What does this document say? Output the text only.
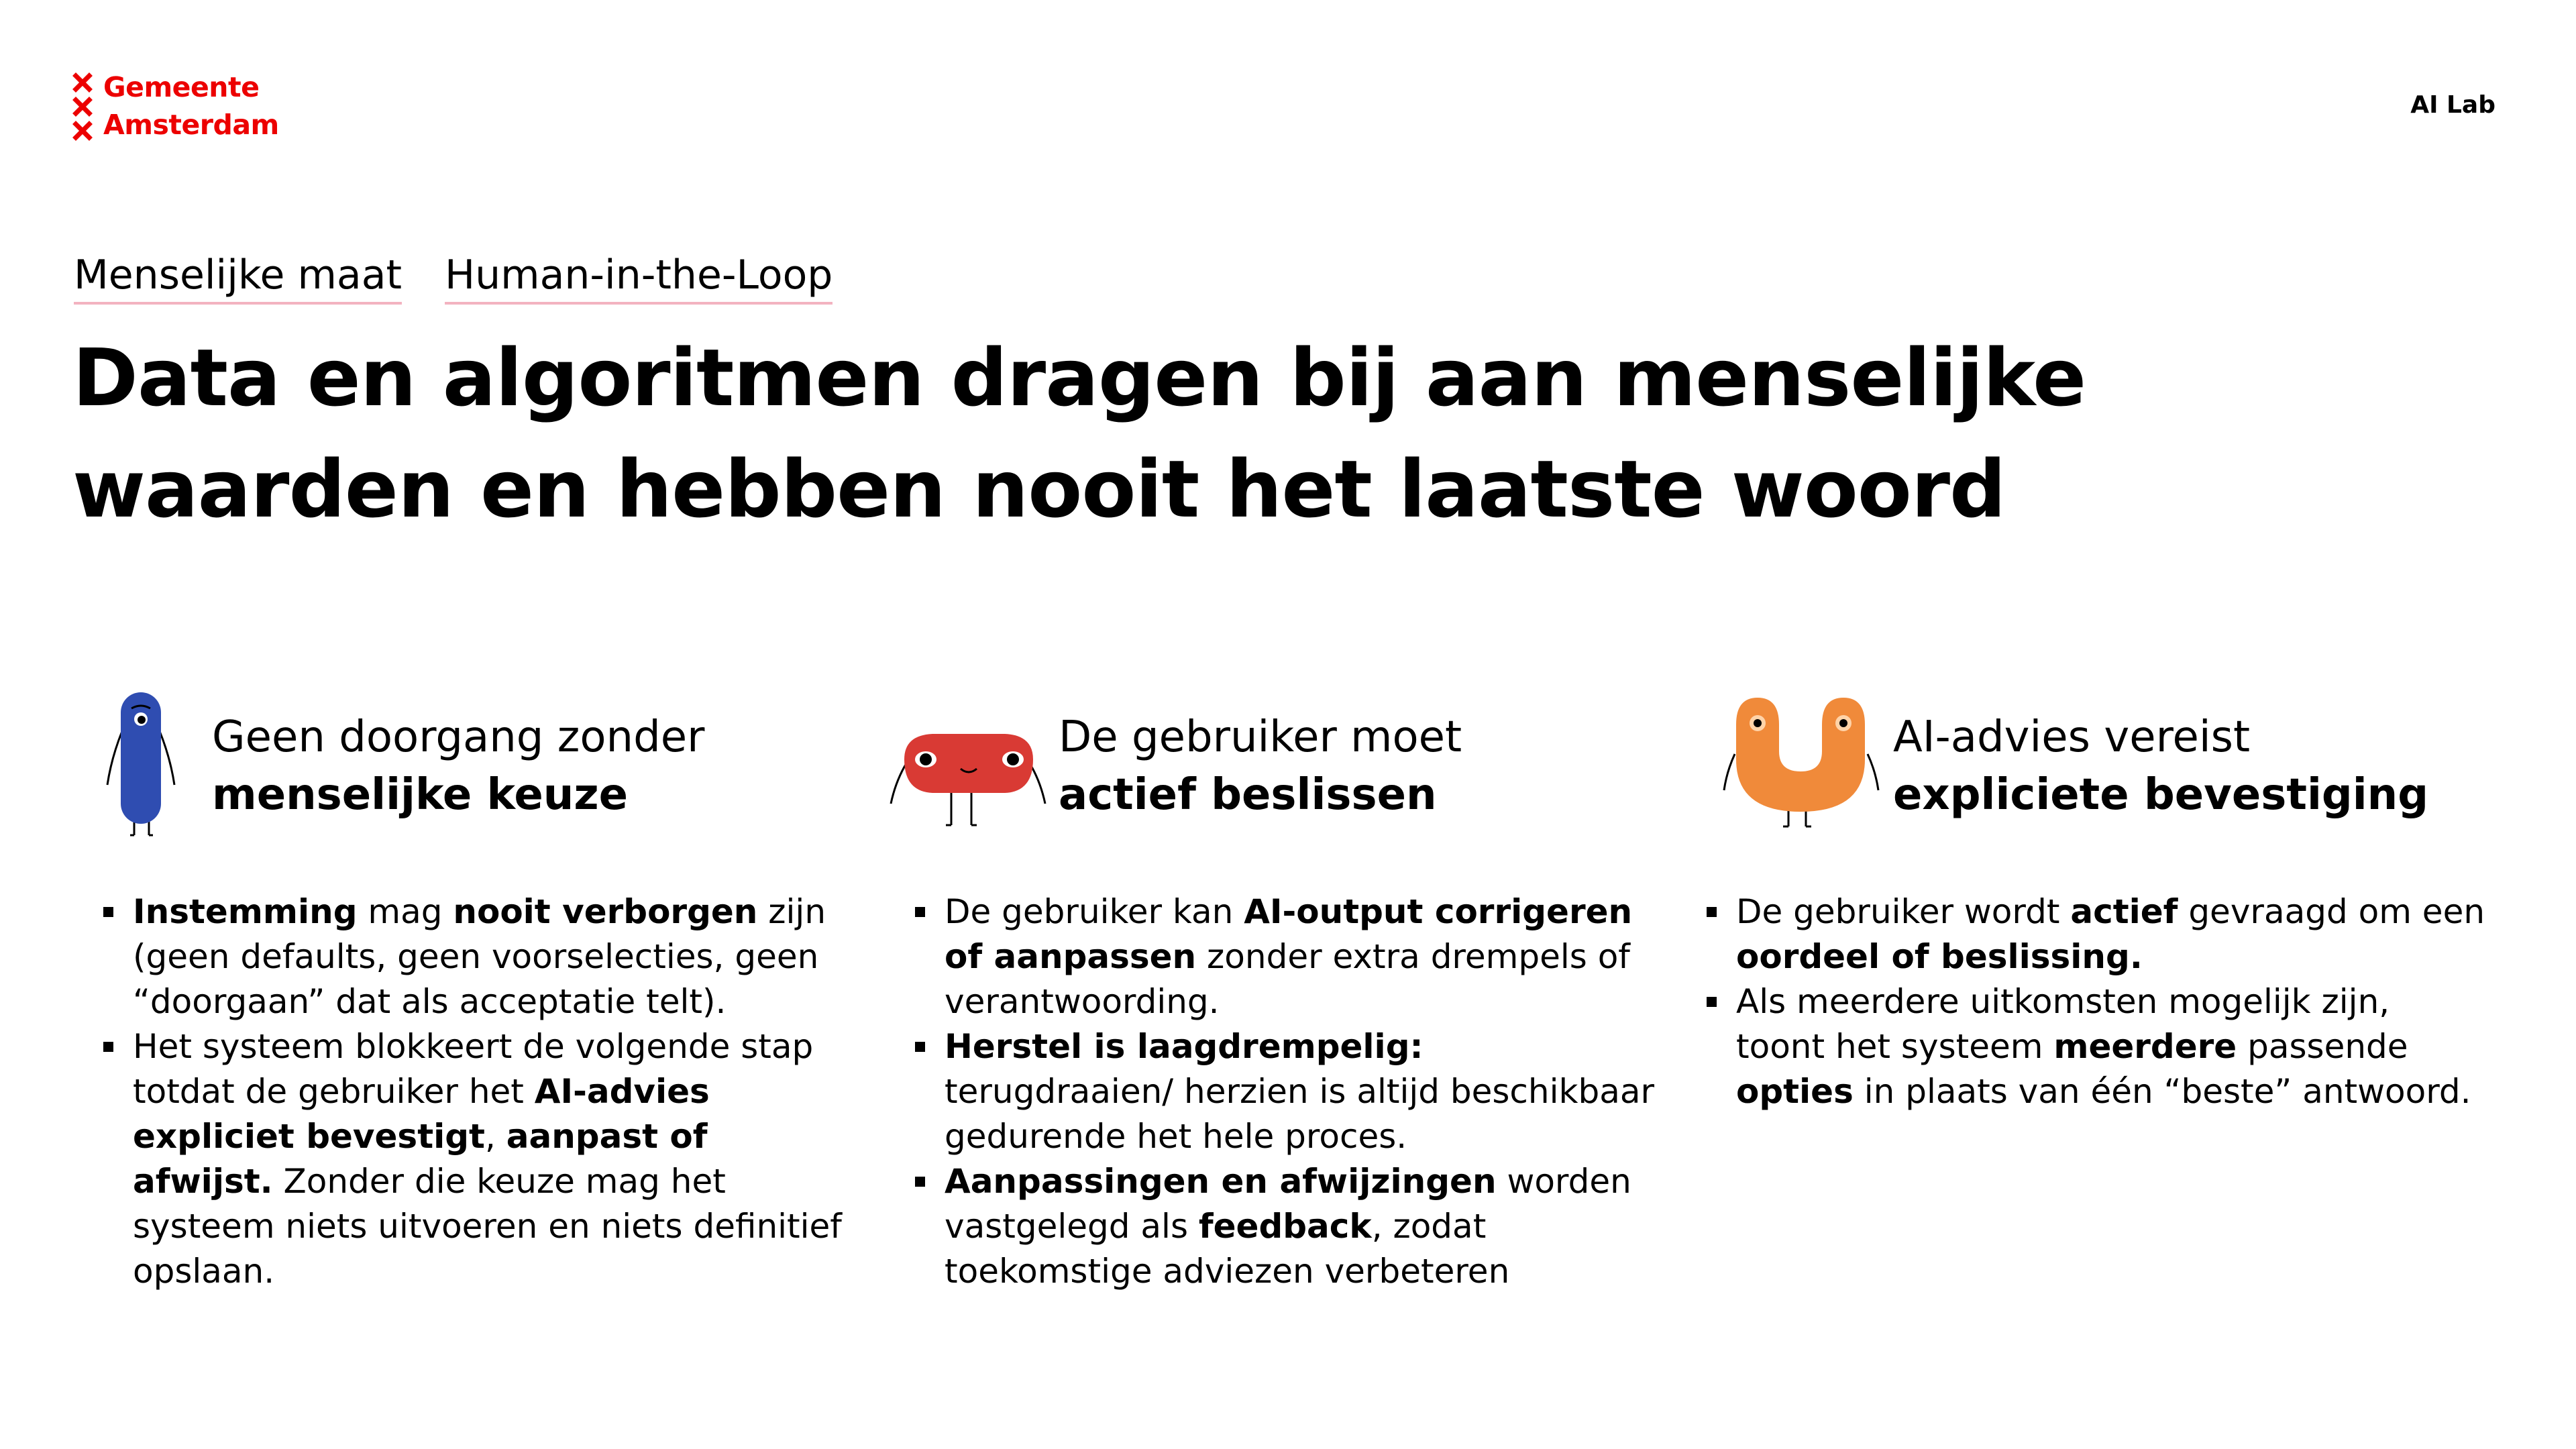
Gemeente
Amsterdam
AI Lab
Menselijke maat Human-in-the-Loop
Data en algoritmen dragen bij aan menselijke
waarden en hebben nooit het laatste woord
Geen doorgang zonder
menselijke keuze
Instemming mag nooit verborgen zijn (geen defaults, geen voorselecties, geen “doorgaan” dat als acceptatie telt).
Het systeem blokkeert de volgende stap totdat de gebruiker het AI-advies expliciet bevestigt, aanpast of afwijst. Zonder die keuze mag het systeem niets uitvoeren en niets definitief opslaan.
De gebruiker moet
actief beslissen
De gebruiker kan AI-output corrigeren of aanpassen zonder extra drempels of verantwoording.
Herstel is laagdrempelig: terugdraaien/ herzien is altijd beschikbaar gedurende het hele proces.
Aanpassingen en afwijzingen worden vastgelegd als feedback, zodat toekomstige adviezen verbeteren
AI-advies vereist
expliciete bevestiging
De gebruiker wordt actief gevraagd om een oordeel of beslissing.
Als meerdere uitkomsten mogelijk zijn, toont het systeem meerdere passende opties in plaats van één “beste” antwoord.
